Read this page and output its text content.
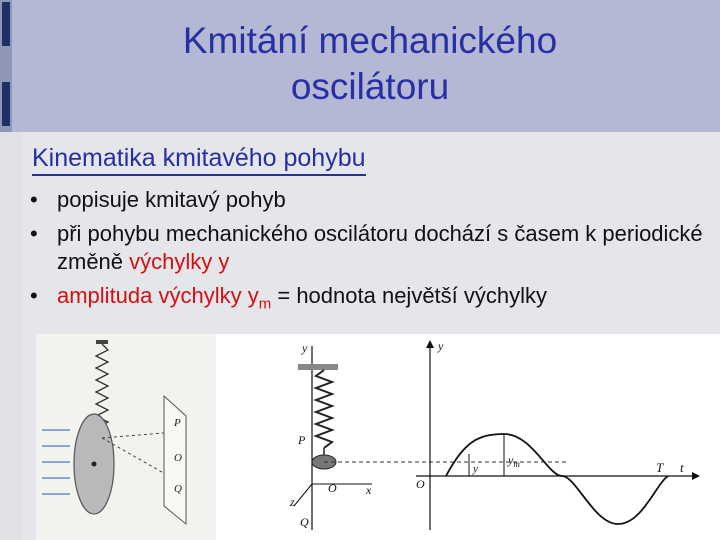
Kmitání mechanického
oscilátoru
Kinematika kmitavého pohybu
• popisuje kmitavý pohyb
• při pohybu mechanického oscilátoru dochází s časem k periodické změně výchylky y
• amplituda výchylky $y_m$ = hodnota největší výchylky
P
O
Q
y
P
O x
z
Q
y
O
y
$y_m$	T t
